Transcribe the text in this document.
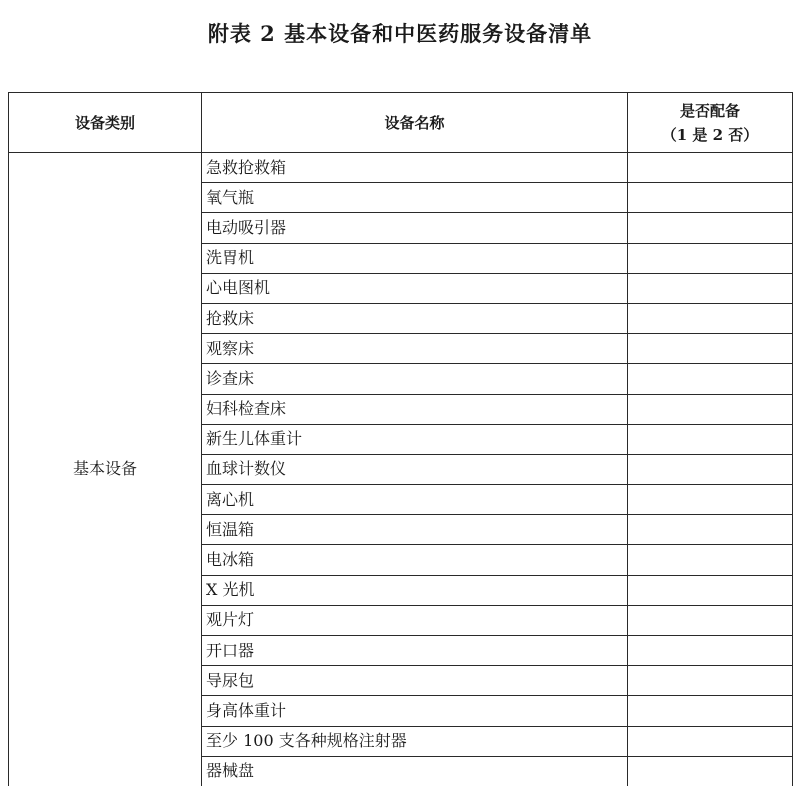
附表 2 基本设备和中医药服务设备清单
设备类别	设备名称	是否配备
（1 是 2 否）

基本设备	急救抢救箱	
	氧气瓶	
	电动吸引器	
	洗胃机	
	心电图机	
	抢救床	
	观察床	
	诊查床	
	妇科检查床	
	新生儿体重计	
	血球计数仪	
	离心机	
	恒温箱	
	电冰箱	
	X 光机	
	观片灯	
	开口器	
	导尿包	
	身高体重计	
	至少 100 支各种规格注射器	
	器械盘	
